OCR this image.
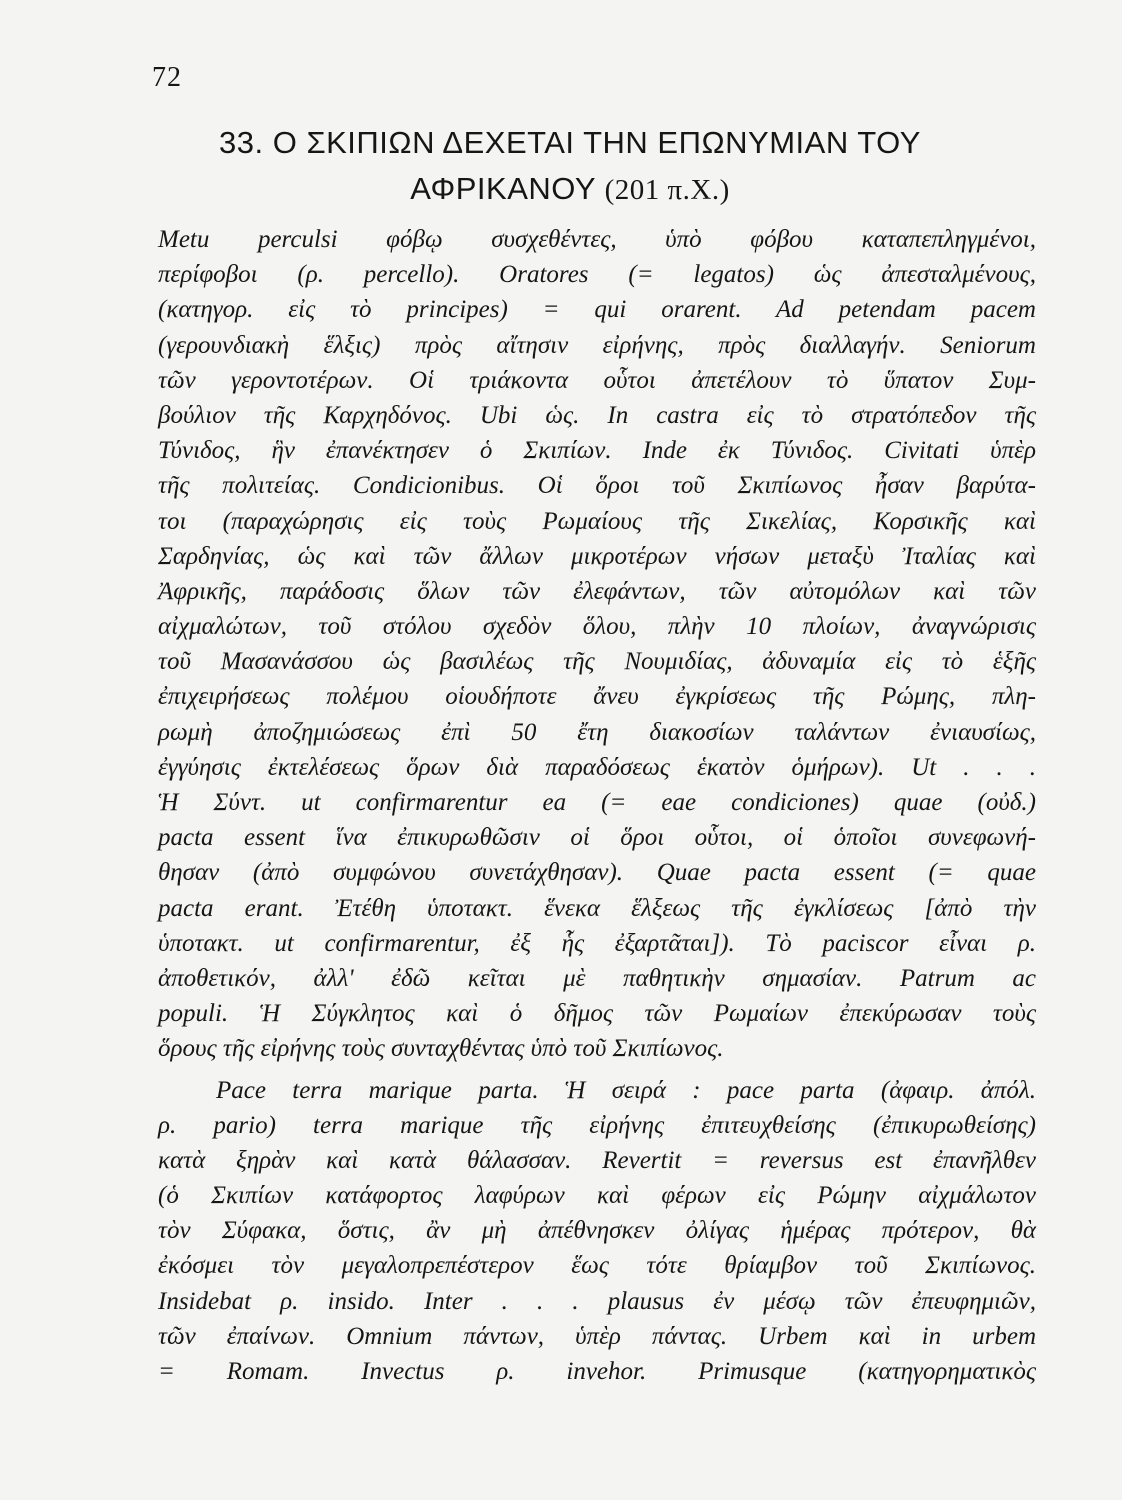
72
33. Ο ΣΚΙΠΙΩΝ ΔΕΧΕΤΑΙ ΤΗΝ ΕΠΩΝΥΜΙΑΝ ΤΟΥ
ΑΦΡΙΚΑΝΟΥ (201 π.Χ.)
Metu perculsi φόβῳ συσχεθέντες, ὑπὸ φόβου καταπεπληγμένοι,
περίφοβοι (ρ. percello). Oratores (= legatos) ὡς ἀπεσταλμένους,
(κατηγορ. εἰς τὸ principes) = qui orarent. Ad petendam pacem
(γερουνδιακὴ ἕλξις) πρὸς αἴτησιν εἰρήνης, πρὸς διαλλαγήν. Seniorum
τῶν γεροντοτέρων. Οἱ τριάκοντα οὗτοι ἀπετέλουν τὸ ὕπατον Συμ-
βούλιον τῆς Καρχηδόνος. Ubi ὡς. In castra εἰς τὸ στρατόπεδον τῆς
Τύνιδος, ἣν ἐπανέκτησεν ὁ Σκιπίων. Inde ἐκ Τύνιδος. Civitati ὑπὲρ
τῆς πολιτείας. Condicionibus. Οἱ ὅροι τοῦ Σκιπίωνος ἦσαν βαρύτα-
τοι (παραχώρησις εἰς τοὺς Ρωμαίους τῆς Σικελίας, Κορσικῆς καὶ
Σαρδηνίας, ὡς καὶ τῶν ἄλλων μικροτέρων νήσων μεταξὺ Ἰταλίας καὶ
Ἀφρικῆς, παράδοσις ὅλων τῶν ἐλεφάντων, τῶν αὐτομόλων καὶ τῶν
αἰχμαλώτων, τοῦ στόλου σχεδὸν ὅλου, πλὴν 10 πλοίων, ἀναγνώρισις
τοῦ Μασανάσσου ὡς βασιλέως τῆς Νουμιδίας, ἀδυναμία εἰς τὸ ἑξῆς
ἐπιχειρήσεως πολέμου οἱουδήποτε ἄνευ ἐγκρίσεως τῆς Ρώμης, πλη-
ρωμὴ ἀποζημιώσεως ἐπὶ 50 ἔτη διακοσίων ταλάντων ἐνιαυσίως,
ἐγγύησις ἐκτελέσεως ὅρων διὰ παραδόσεως ἑκατὸν ὁμήρων). Ut . . .
Ἡ Σύντ. ut confirmarentur ea (= eae condiciones) quae (οὐδ.)
pacta essent ἵνα ἐπικυρωθῶσιν οἱ ὅροι οὗτοι, οἱ ὁποῖοι συνεφωνή-
θησαν (ἀπὸ συμφώνου συνετάχθησαν). Quae pacta essent (= quae
pacta erant. Ἐτέθη ὑποτακτ. ἕνεκα ἕλξεως τῆς ἐγκλίσεως [ἀπὸ τὴν
ὑποτακτ. ut confirmarentur, ἐξ ἧς ἐξαρτᾶται]). Τὸ paciscor εἶναι ρ.
ἀποθετικόν, ἀλλ' ἐδῶ κεῖται μὲ παθητικὴν σημασίαν. Patrum ac
populi. Ἡ Σύγκλητος καὶ ὁ δῆμος τῶν Ρωμαίων ἐπεκύρωσαν τοὺς
ὅρους τῆς εἰρήνης τοὺς συνταχθέντας ὑπὸ τοῦ Σκιπίωνος.
Pace terra marique parta. Ἡ σειρά : pace parta (ἀφαιρ. ἀπόλ.
ρ. pario) terra marique τῆς εἰρήνης ἐπιτευχθείσης (ἐπικυρωθείσης)
κατὰ ξηρὰν καὶ κατὰ θάλασσαν. Revertit = reversus est ἐπανῆλθεν
(ὁ Σκιπίων κατάφορτος λαφύρων καὶ φέρων εἰς Ρώμην αἰχμάλωτον
τὸν Σύφακα, ὅστις, ἂν μὴ ἀπέθνησκεν ὀλίγας ἡμέρας πρότερον, θὰ
ἐκόσμει τὸν μεγαλοπρεπέστερον ἕως τότε θρίαμβον τοῦ Σκιπίωνος.
Insidebat ρ. insido. Inter . . . plausus ἐν μέσῳ τῶν ἐπευφημιῶν,
τῶν ἐπαίνων. Omnium πάντων, ὑπὲρ πάντας. Urbem καὶ in urbem
= Romam. Invectus ρ. invehor. Primusque (κατηγορηματικὸς
